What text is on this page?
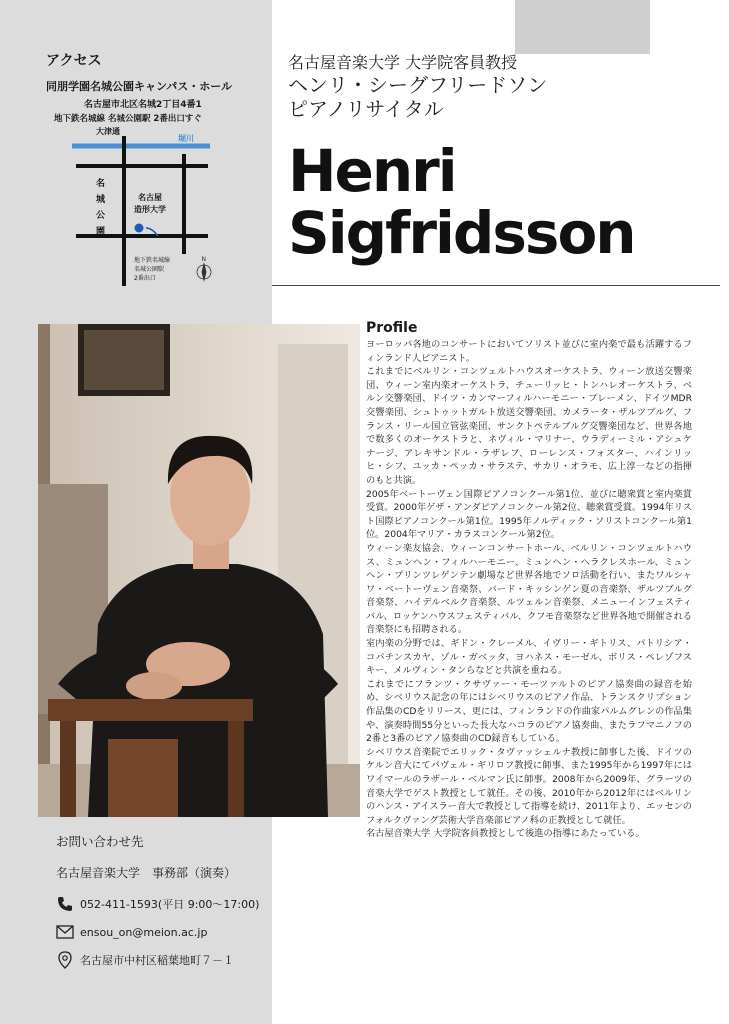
アクセス
同朋学園名城公園キャンパス・ホール
名古屋市北区名城2丁目4番1
地下鉄名城線 名城公園駅 2番出口すぐ
大津通
堀川
名
城
公
園
名古屋
造形大学
地下鉄名城線
名城公園駅
2番出口
N

名古屋音楽大学 大学院客員教授

ヘンリ・シーグフリードソン

ピアノリサイタル

Henri
Sigfridsson
Profile

ヨーロッパ各地のコンサートにおいてソリスト並びに室内楽で最も活躍するフィンランド人ピアニスト。

これまでにベルリン・コンツェルトハウスオーケストラ、ウィーン放送交響楽団、ウィーン室内楽オーケストラ、チューリッヒ・トンハレオーケストラ、ベルン交響楽団、ドイツ・カンマーフィルハーモニー・ブレーメン、ドイツMDR交響楽団、シュトゥットガルト放送交響楽団、カメラータ・ザルツブルグ、フランス・リール国立管弦楽団、サンクトペテルブルグ交響楽団など、世界各地で数多くのオーケストラと、ネヴィル・マリナー、ウラディーミル・アシュケナージ、アレキサンドル・ラザレフ、ローレンス・フォスター、ハインリッヒ・シフ、ユッカ・ペッカ・サラステ、サカリ・オラモ、広上淳一などの指揮のもと共演。

2005年ベートーヴェン国際ピアノコンクール第1位、並びに聴衆賞と室内楽賞受賞。2000年ゲザ・アンダピアノコンクール第2位、聴衆賞受賞。1994年リスト国際ピアノコンクール第1位。1995年ノルディック・ソリストコンクール第1位。2004年マリア・カラスコンクール第2位。

ウィーン楽友協会、ウィーンコンサートホール、ベルリン・コンツェルトハウス、ミュンヘン・フィルハーモニー、ミュンヘン・ヘラクレスホール、ミュンヘン・プリンツレゲンテン劇場など世界各地でソロ活動を行い、またワルシャワ・ベートーヴェン音楽祭、バード・キッシンゲン夏の音楽祭、ザルツブルグ音楽祭、ハイデルベルク音楽祭、ルツェルン音楽祭、メニューインフェスティバル、ロッケンハウスフェスティバル、クフモ音楽祭など世界各地で開催される音楽祭にも招聘される。

室内楽の分野では、ギドン・クレーメル、イヴリー・ギトリス、パトリシア・コパチンスカヤ、ゾル・ガベッタ、ヨハネス・モーゼル、ボリス・ペレゾフスキー、メルヴィン・タンらなどと共演を重ねる。

これまでにフランツ・クサヴァー・モーツァルトのピアノ協奏曲の録音を始め、シベリウス記念の年にはシベリウスのピアノ作品、トランスクリプション作品集のCDをリリース、更には、フィンランドの作曲家パルムグレンの作品集や、演奏時間55分といった長大なハコラのピアノ協奏曲、またラフマニノフの2番と3番のピアノ協奏曲のCD録音もしている。

シベリウス音楽院でエリック・タヴァッシェルナ教授に師事した後、ドイツのケルン音大にてパヴェル・ギリロフ教授に師事、また1995年から1997年にはワイマールのラザール・ベルマン氏に師事。2008年から2009年、グラーツの音楽大学でゲスト教授として就任。その後、2010年から2012年にはベルリンのハンス・アイスラー音大で教授として指導を続け、2011年より、エッセンのフォルクヴァング芸術大学音楽部ピアノ科の正教授として就任。

名古屋音楽大学 大学院客員教授として後進の指導にあたっている。

お問い合わせ先
名古屋音楽大学　事務部（演奏）
052-411-1593(平日 9:00〜17:00)
ensou_on@meion.ac.jp
名古屋市中村区稲葉地町７－１
